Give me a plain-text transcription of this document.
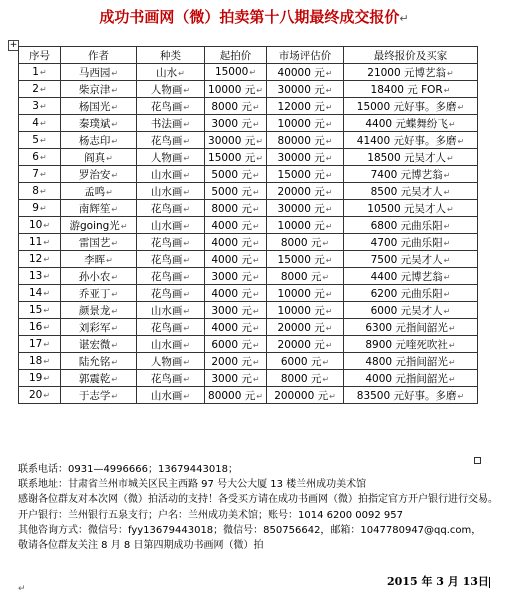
成功书画网（微）拍卖第十八期最终成交报价↵
+
序号	作者	种类	起拍价	市场评估价	最终报价及买家
1↵	马西园↵	山水↵	15000↵	40000 元↵	21000 元博艺翁↵
2↵	柴京津↵	人物画↵	10000 元↵	30000 元↵	18400 元 FOR↵
3↵	杨国光↵	花鸟画↵	8000 元↵	12000 元↵	15000 元好事。多磨↵
4↵	秦璞斌↵	书法画↵	3000 元↵	10000 元↵	4400 元蝶舞纷飞↵
5↵	杨志印↵	花鸟画↵	30000 元↵	80000 元↵	41400 元好事。多磨↵
6↵	阎真↵	人物画↵	15000 元↵	30000 元↵	18500 元吴才人↵
7↵	罗治安↵	山水画↵	5000 元↵	15000 元↵	7400 元博艺翁↵
8↵	孟鸣↵	山水画↵	5000 元↵	20000 元↵	8500 元吴才人↵
9↵	南辉笙↵	花鸟画↵	8000 元↵	30000 元↵	10500 元吴才人↵
10↵	游going光↵	山水画↵	4000 元↵	10000 元↵	6800 元曲乐阳↵
11↵	雷国艺↵	花鸟画↵	4000 元↵	8000 元↵	4700 元曲乐阳↵
12↵	李晖↵	花鸟画↵	4000 元↵	15000 元↵	7500 元吴才人↵
13↵	孙小农↵	花鸟画↵	3000 元↵	8000 元↵	4400 元博艺翁↵
14↵	乔亚丁↵	花鸟画↵	4000 元↵	10000 元↵	6200 元曲乐阳↵
15↵	颜景龙↵	山水画↵	3000 元↵	10000 元↵	6000 元吴才人↵
16↵	刘彩军↵	花鸟画↵	4000 元↵	20000 元↵	6300 元指间韶光↵
17↵	谌宏微↵	山水画↵	6000 元↵	20000 元↵	8900 元喹死吹社↵
18↵	陆允铭↵	人物画↵	2000 元↵	6000 元↵	4800 元指间韶光↵
19↵	郭震乾↵	花鸟画↵	3000 元↵	8000 元↵	4000 元指间韶光↵
20↵	于志学↵	山水画↵	80000 元↵	200000 元↵	83500 元好事。多磨↵

联系电话：0931—4996666；13679443018；

联系地址：甘肃省兰州市城关区民主西路 97 号大公大厦 13 楼兰州成功美术馆

感谢各位群友对本次网（微）拍活动的支持！各受买方请在成功书画网（微）拍指定官方开户银行进行交易。开户银行：兰州银行五泉支行；户名：兰州成功美术馆；账号：1014 6200 0092 957

其他咨询方式：微信号：fyy13679443018；微信号：850756642，邮箱：1047780947@qq.com，

敬请各位群友关注 8 月 8 日第四期成功书画网（微）拍

2015 年 3 月 13日
↵
